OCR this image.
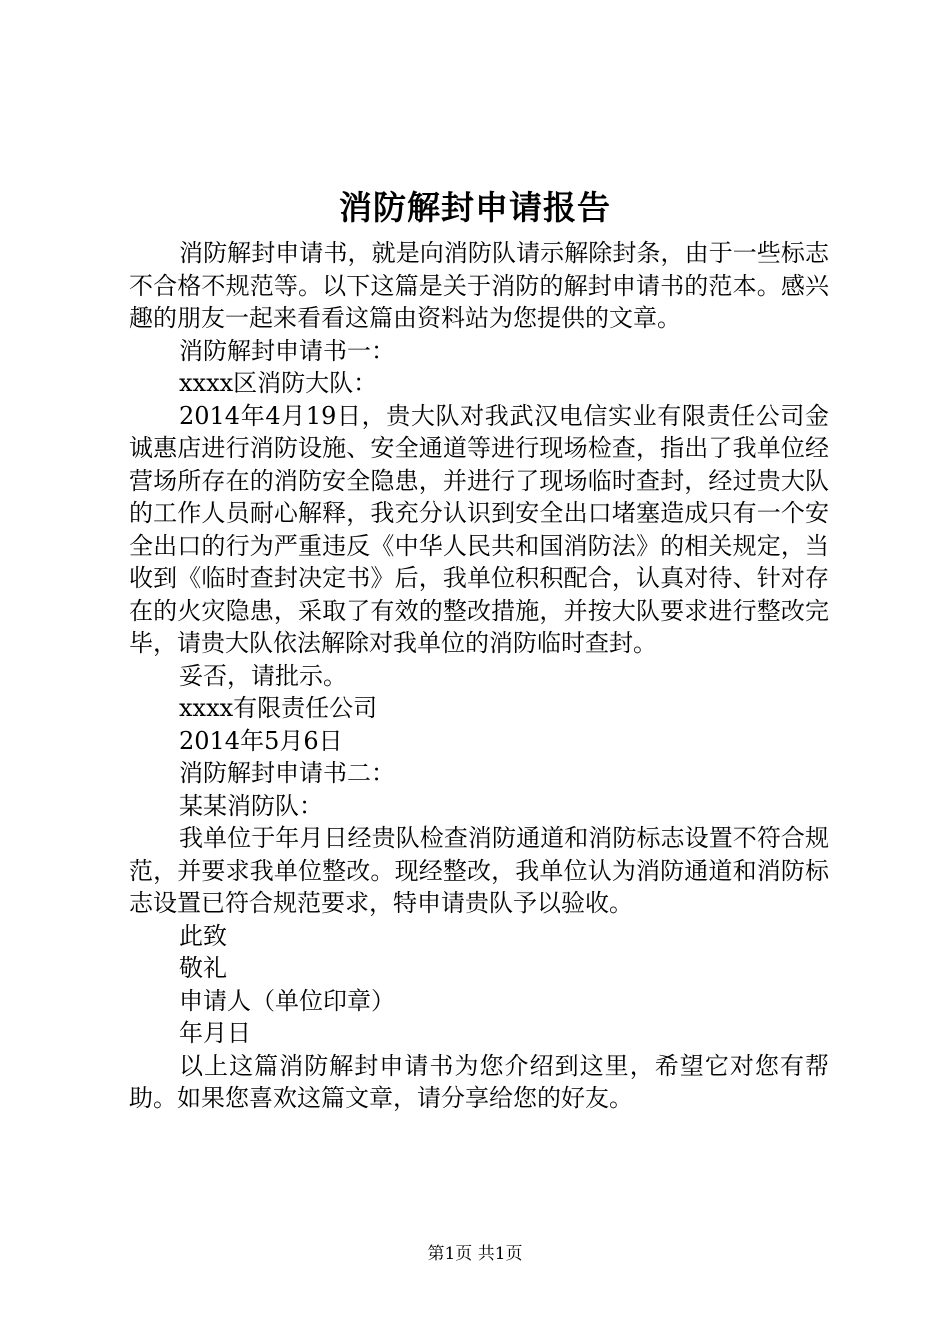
消防解封申请报告

消防解封申请书，就是向消防队请示解除封条，由于一些标志不合格不规范等。以下这篇是关于消防的解封申请书的范本。感兴趣的朋友一起来看看这篇由资料站为您提供的文章。

消防解封申请书一：

xxxx区消防大队：

2014年4月19日，贵大队对我武汉电信实业有限责任公司金诚惠店进行消防设施、安全通道等进行现场检查，指出了我单位经营场所存在的消防安全隐患，并进行了现场临时查封，经过贵大队的工作人员耐心解释，我充分认识到安全出口堵塞造成只有一个安全出口的行为严重违反《中华人民共和国消防法》的相关规定，当收到《临时查封决定书》后，我单位积积配合，认真对待、针对存在的火灾隐患，采取了有效的整改措施，并按大队要求进行整改完毕，请贵大队依法解除对我单位的消防临时查封。

妥否，请批示。

xxxx有限责任公司

2014年5月6日

消防解封申请书二：

某某消防队：

我单位于年月日经贵队检查消防通道和消防标志设置不符合规范，并要求我单位整改。现经整改，我单位认为消防通道和消防标志设置已符合规范要求，特申请贵队予以验收。

此致

敬礼

申请人（单位印章）

年月日

以上这篇消防解封申请书为您介绍到这里，希望它对您有帮助。如果您喜欢这篇文章，请分享给您的好友。

第1页 共1页
